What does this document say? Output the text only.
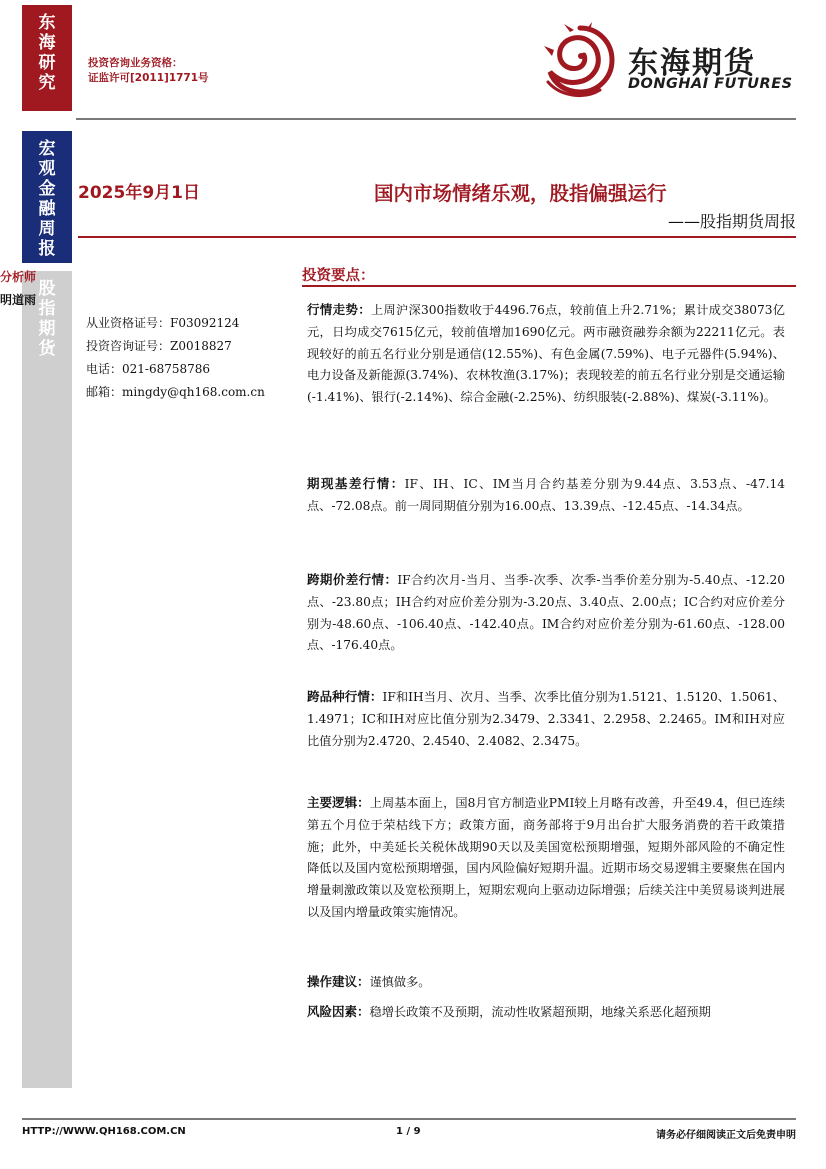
东
海
研
究
宏
观
金
融
周
报
股
指
期
货
投资咨询业务资格：
证监许可[2011]1771号	东海期货
DONGHAI FUTURES
2025年9月1日	国内市场情绪乐观，股指偏强运行
——股指期货周报
分析师
明道雨
从业资格证号：F03092124
投资咨询证号：Z0018827
电话：021-68758786
邮箱：mingdy@qh168.com.cn
投资要点：
行情走势：上周沪深300指数收于4496.76点，较前值上升2.71%；累计成交38073亿元，日均成交7615亿元，较前值增加1690亿元。两市融资融券余额为22211亿元。表现较好的前五名行业分别是通信(12.55%)、有色金属(7.59%)、电子元器件(5.94%)、电力设备及新能源(3.74%)、农林牧渔(3.17%)；表现较差的前五名行业分别是交通运输(-1.41%)、银行(-2.14%)、综合金融(-2.25%)、纺织服装(-2.88%)、煤炭(-3.11%)。
期现基差行情：IF、IH、IC、IM当月合约基差分别为9.44点、3.53点、-47.14点、-72.08点。前一周同期值分别为16.00点、13.39点、-12.45点、-14.34点。
跨期价差行情：IF合约次月-当月、当季-次季、次季-当季价差分别为-5.40点、-12.20点、-23.80点；IH合约对应价差分别为-3.20点、3.40点、2.00点；IC合约对应价差分别为-48.60点、-106.40点、-142.40点。IM合约对应价差分别为-61.60点、-128.00点、-176.40点。
跨品种行情：IF和IH当月、次月、当季、次季比值分别为1.5121、1.5120、1.5061、1.4971；IC和IH对应比值分别为2.3479、2.3341、2.2958、2.2465。IM和IH对应比值分别为2.4720、2.4540、2.4082、2.3475。
主要逻辑：上周基本面上，国8月官方制造业PMI较上月略有改善，升至49.4，但已连续第五个月位于荣枯线下方；政策方面，商务部将于9月出台扩大服务消费的若干政策措施；此外，中美延长关税休战期90天以及美国宽松预期增强，短期外部风险的不确定性降低以及国内宽松预期增强，国内风险偏好短期升温。近期市场交易逻辑主要聚焦在国内增量刺激政策以及宽松预期上，短期宏观向上驱动边际增强；后续关注中美贸易谈判进展以及国内增量政策实施情况。
操作建议：谨慎做多。
风险因素：稳增长政策不及预期，流动性收紧超预期，地缘关系恶化超预期
HTTP://WWW.QH168.COM.CN	1 / 9	请务必仔细阅读正文后免责申明
